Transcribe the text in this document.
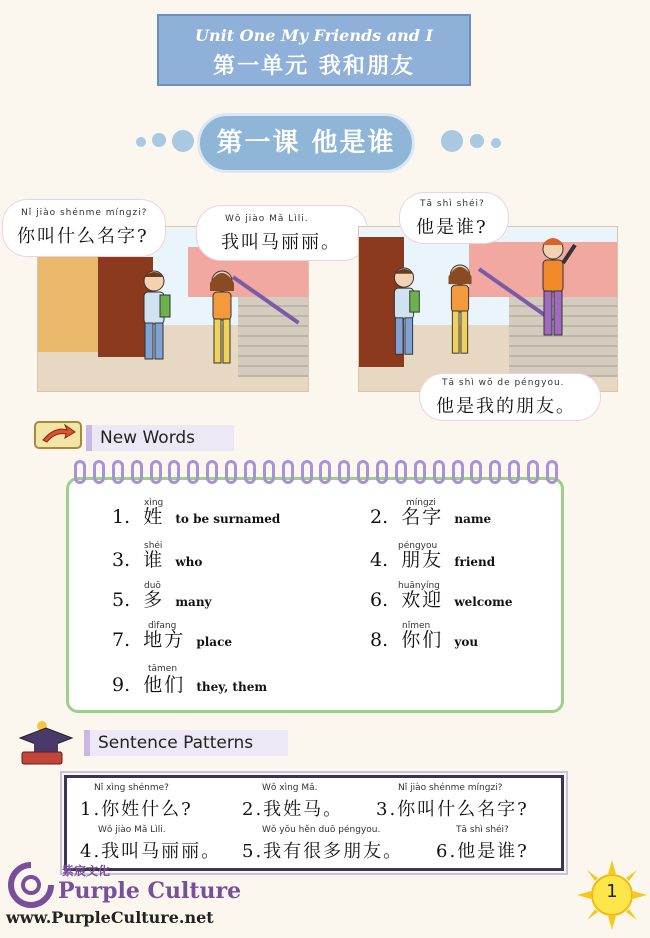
Unit One My Friends and I
第一单元 我和朋友
第一课 他是谁
Nǐ jiào shénme míngzi?
你叫什么名字?
Wǒ jiào Mǎ Lìli.
我叫马丽丽。
Tā shì shéi?
他是谁?
Tā shì wǒ de péngyou.
他是我的朋友。
New Words
xìng
1. 姓 to be surnamed
shéi
3. 谁 who
duō
5. 多 many
dìfang
7. 地方 place
tāmen
9. 他们 they, them
míngzi
2. 名字 name
péngyou
4. 朋友 friend
huānyíng
6. 欢迎 welcome
nǐmen
8. 你们 you
Sentence Patterns
Nǐ xìng shénme?
1.你姓什么?
Wǒ xìng Mǎ.
2.我姓马。
Nǐ jiào shénme míngzi?
3.你叫什么名字?
Wǒ jiào Mǎ Lìli.
4.我叫马丽丽。
Wǒ yǒu hěn duō péngyou.
5.我有很多朋友。
Tā shì shéi?
6.他是谁?
紫宸文化
Purple Culture
www.PurpleCulture.net
1
